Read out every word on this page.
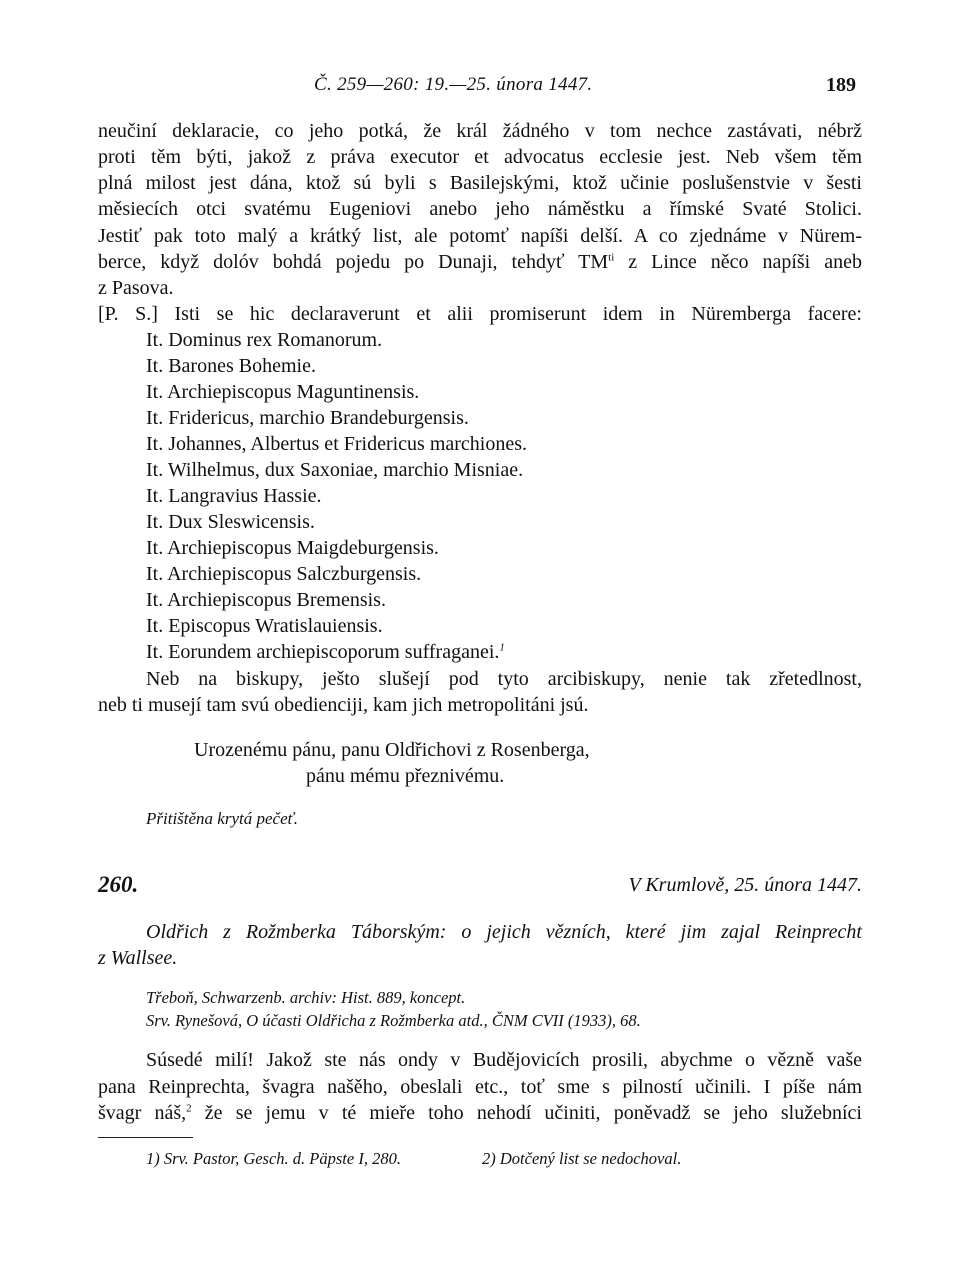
Č. 259—260: 19.—25. února 1447.	189
neučiní deklaracie, co jeho potká, že král žádného v tom nechce zastávati, nébrž
proti těm býti, jakož z práva executor et advocatus ecclesie jest. Neb všem těm
plná milost jest dána, ktož sú byli s Basilejskými, ktož učinie poslušenstvie v šesti
měsiecích otci svatému Eugeniovi anebo jeho náměstku a římské Svaté Stolici.
Jestiť pak toto malý a krátký list, ale potomť napíši delší. A co zjednáme v Nürem-
berce, když dolóv bohdá pojedu po Dunaji, tehdyť $TM^{ti}$ z Lince něco napíši aneb
z Pasova.
[P. S.] Isti se hic declaraverunt et alii promiserunt idem in Nüremberga facere:
It. Dominus rex Romanorum.
It. Barones Bohemie.
It. Archiepiscopus Maguntinensis.
It. Fridericus, marchio Brandeburgensis.
It. Johannes, Albertus et Fridericus marchiones.
It. Wilhelmus, dux Saxoniae, marchio Misniae.
It. Langravius Hassie.
It. Dux Sleswicensis.
It. Archiepiscopus Maigdeburgensis.
It. Archiepiscopus Salczburgensis.
It. Archiepiscopus Bremensis.
It. Episcopus Wratislauiensis.
It. Eorundem archiepiscoporum suffraganei.$^1$
Neb na biskupy, ješto slušejí pod tyto arcibiskupy, nenie tak zřetedlnost,
neb ti musejí tam svú obedienciji, kam jich metropolitáni jsú.
Urozenému pánu, panu Oldřichovi z Rosenberga,
pánu mému přeznivému.
Přitištěna krytá pečeť.
260.	V Krumlově, 25. února 1447.
Oldřich z Rožmberka Táborským: o jejich vězních, které jim zajal Reinprecht
z Wallsee.
Třeboň, Schwarzenb. archiv: Hist. 889, koncept.
Srv. Rynešová, O účasti Oldřicha z Rožmberka atd., ČNM CVII (1933), 68.
Súsedé milí! Jakož ste nás ondy v Budějovicích prosili, abychme o vězně vaše
pana Reinprechta, švagra našěho, obeslali etc., toť sme s pilností učinili. I píše nám
švagr náš,$^2$ že se jemu v té mieře toho nehodí učiniti, poněvadž se jeho služebníci
1) Srv. Pastor, Gesch. d. Päpste I, 280.	2) Dotčený list se nedochoval.
